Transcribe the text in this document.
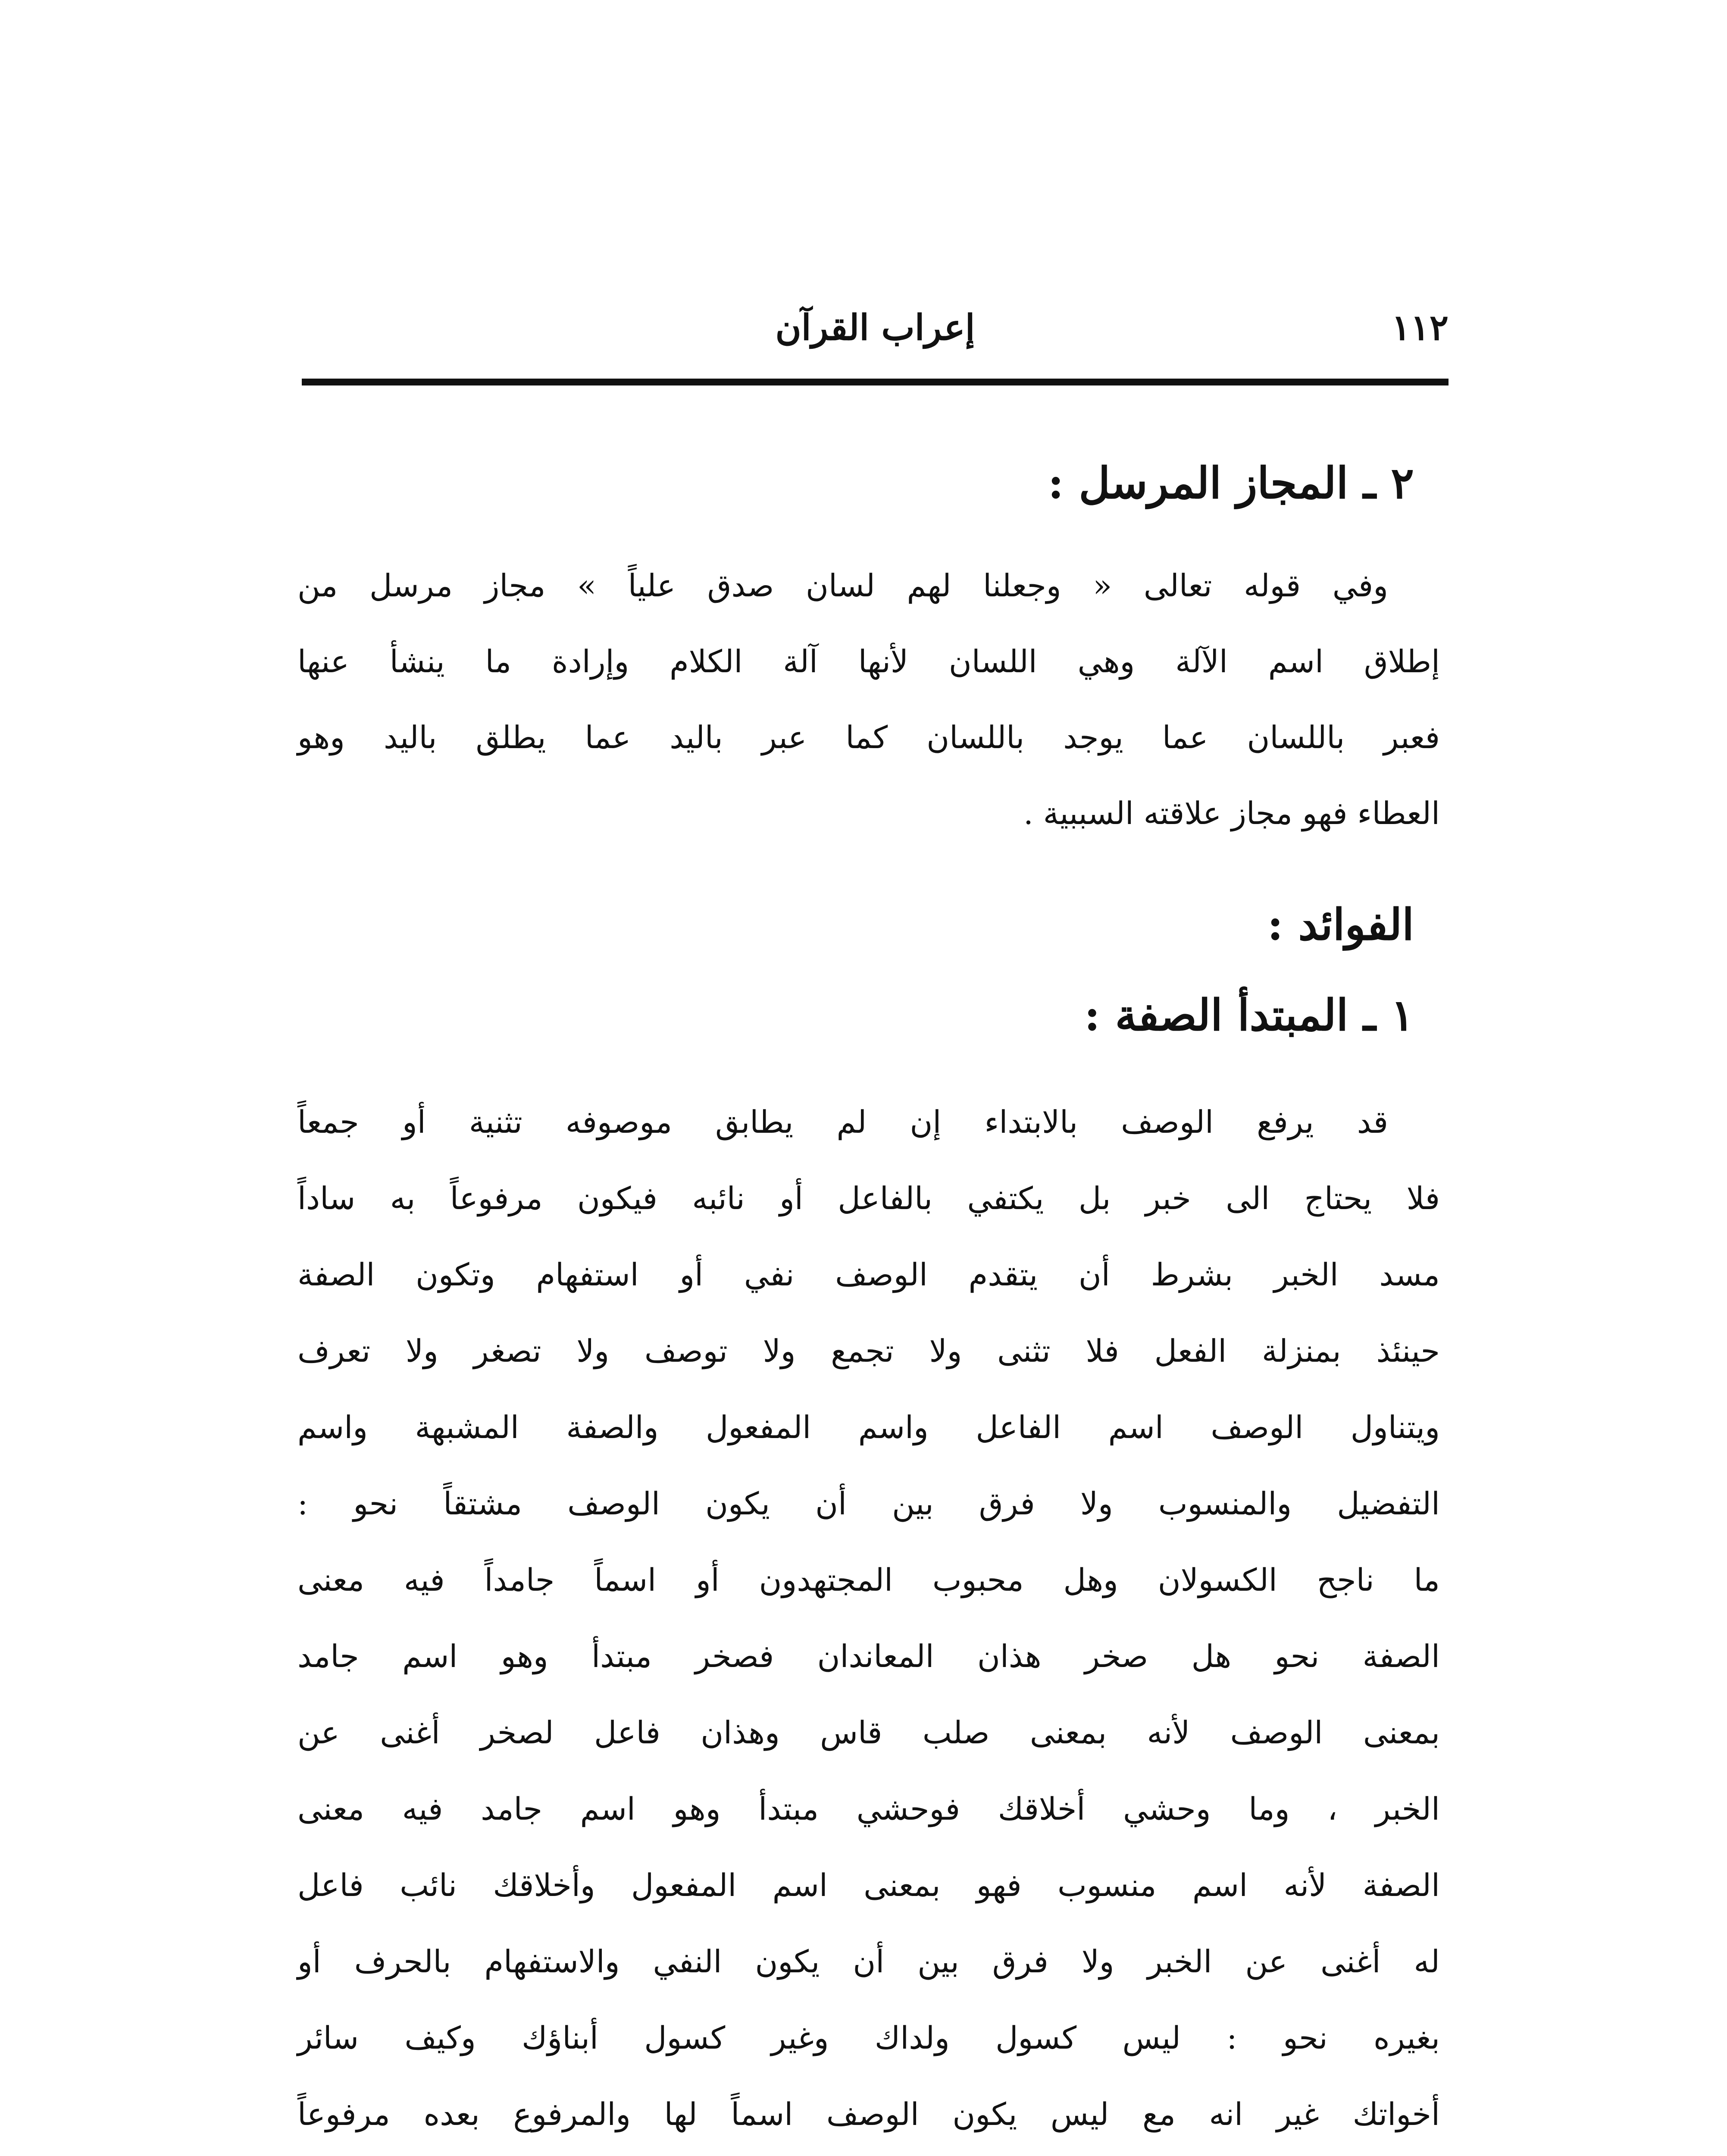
١١٢
إعراب القرآن
٢ ـ المجاز المرسل :
وفي قوله تعالى « وجعلنا لهم لسان صدق علياً » مجاز مرسل من
إطلاق اسم الآلة وهي اللسان لأنها آلة الكلام وإرادة ما ينشأ عنها
فعبر باللسان عما يوجد باللسان كما عبر باليد عما يطلق باليد وهو
العطاء فهو مجاز علاقته السببية .
الفوائد :
١ ـ المبتدأ الصفة :
قد يرفع الوصف بالابتداء إن لم يطابق موصوفه تثنية أو جمعاً
فلا يحتاج الى خبر بل يكتفي بالفاعل أو نائبه فيكون مرفوعاً به ساداً
مسد الخبر بشرط أن يتقدم الوصف نفي أو استفهام وتكون الصفة
حينئذ بمنزلة الفعل فلا تثنى ولا تجمع ولا توصف ولا تصغر ولا تعرف
ويتناول الوصف اسم الفاعل واسم المفعول والصفة المشبهة واسم
التفضيل والمنسوب ولا فرق بين أن يكون الوصف مشتقاً نحو :
ما ناجح الكسولان وهل محبوب المجتهدون أو اسماً جامداً فيه معنى
الصفة نحو هل صخر هذان المعاندان فصخر مبتدأ وهو اسم جامد
بمعنى الوصف لأنه بمعنى صلب قاس وهذان فاعل لصخر أغنى عن
الخبر ، وما وحشي أخلاقك فوحشي مبتدأ وهو اسم جامد فيه معنى
الصفة لأنه اسم منسوب فهو بمعنى اسم المفعول وأخلاقك نائب فاعل
له أغنى عن الخبر ولا فرق بين أن يكون النفي والاستفهام بالحرف أو
بغيره نحو : ليس كسول ولداك وغير كسول أبناؤك وكيف سائر
أخواتك غير انه مع ليس يكون الوصف اسماً لها والمرفوع بعده مرفوعاً
